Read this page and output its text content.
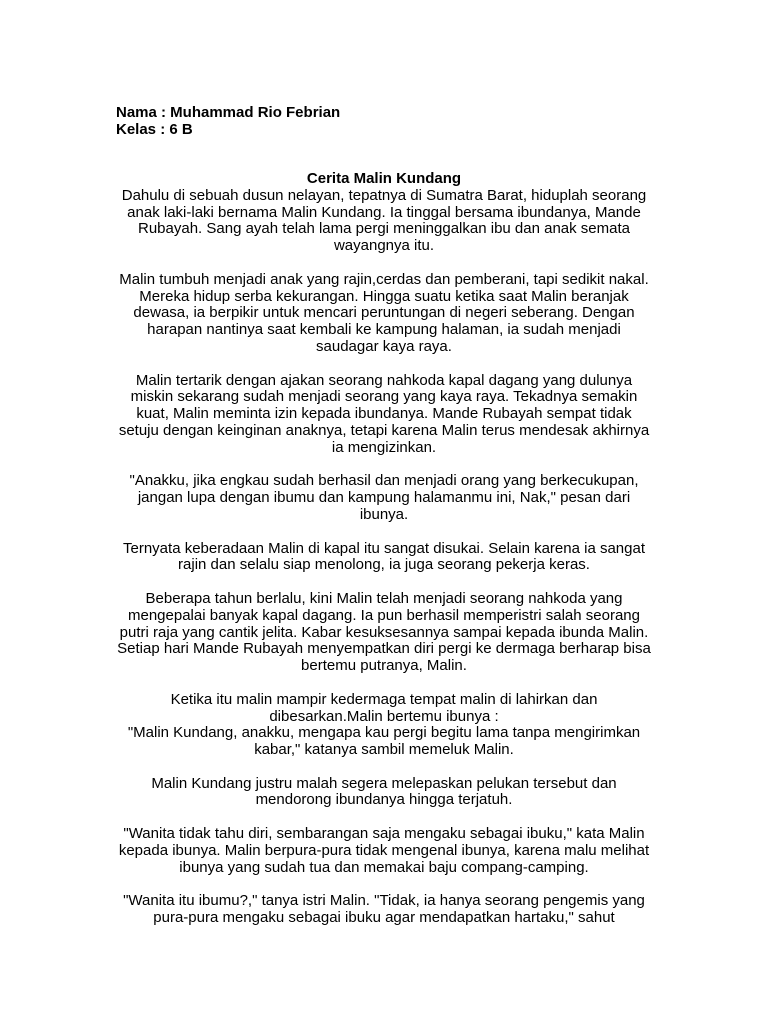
Nama : Muhammad Rio Febrian
Kelas : 6 B
Cerita Malin Kundang

Dahulu di sebuah dusun nelayan, tepatnya di Sumatra Barat, hiduplah seorang anak laki-laki bernama Malin Kundang. Ia tinggal bersama ibundanya, Mande Rubayah. Sang ayah telah lama pergi meninggalkan ibu dan anak semata wayangnya itu.

Malin tumbuh menjadi anak yang rajin,cerdas dan pemberani, tapi sedikit nakal. Mereka hidup serba kekurangan. Hingga suatu ketika saat Malin beranjak dewasa, ia berpikir untuk mencari peruntungan di negeri seberang. Dengan harapan nantinya saat kembali ke kampung halaman, ia sudah menjadi saudagar kaya raya.

Malin tertarik dengan ajakan seorang nahkoda kapal dagang yang dulunya miskin sekarang sudah menjadi seorang yang kaya raya. Tekadnya semakin kuat, Malin meminta izin kepada ibundanya. Mande Rubayah sempat tidak setuju dengan keinginan anaknya, tetapi karena Malin terus mendesak akhirnya ia mengizinkan.

"Anakku, jika engkau sudah berhasil dan menjadi orang yang berkecukupan, jangan lupa dengan ibumu dan kampung halamanmu ini, Nak," pesan dari ibunya.

Ternyata keberadaan Malin di kapal itu sangat disukai. Selain karena ia sangat rajin dan selalu siap menolong, ia juga seorang pekerja keras.

Beberapa tahun berlalu, kini Malin telah menjadi seorang nahkoda yang mengepalai banyak kapal dagang. Ia pun berhasil memperistri salah seorang putri raja yang cantik jelita. Kabar kesuksesannya sampai kepada ibunda Malin. Setiap hari Mande Rubayah menyempatkan diri pergi ke dermaga berharap bisa bertemu putranya, Malin.

Ketika itu malin mampir kedermaga tempat malin di lahirkan dan dibesarkan.Malin bertemu ibunya :
"Malin Kundang, anakku, mengapa kau pergi begitu lama tanpa mengirimkan kabar," katanya sambil memeluk Malin.

Malin Kundang justru malah segera melepaskan pelukan tersebut dan mendorong ibundanya hingga terjatuh.

"Wanita tidak tahu diri, sembarangan saja mengaku sebagai ibuku," kata Malin kepada ibunya. Malin berpura-pura tidak mengenal ibunya, karena malu melihat ibunya yang sudah tua dan memakai baju compang-camping.

"Wanita itu ibumu?," tanya istri Malin. "Tidak, ia hanya seorang pengemis yang pura-pura mengaku sebagai ibuku agar mendapatkan hartaku," sahut
